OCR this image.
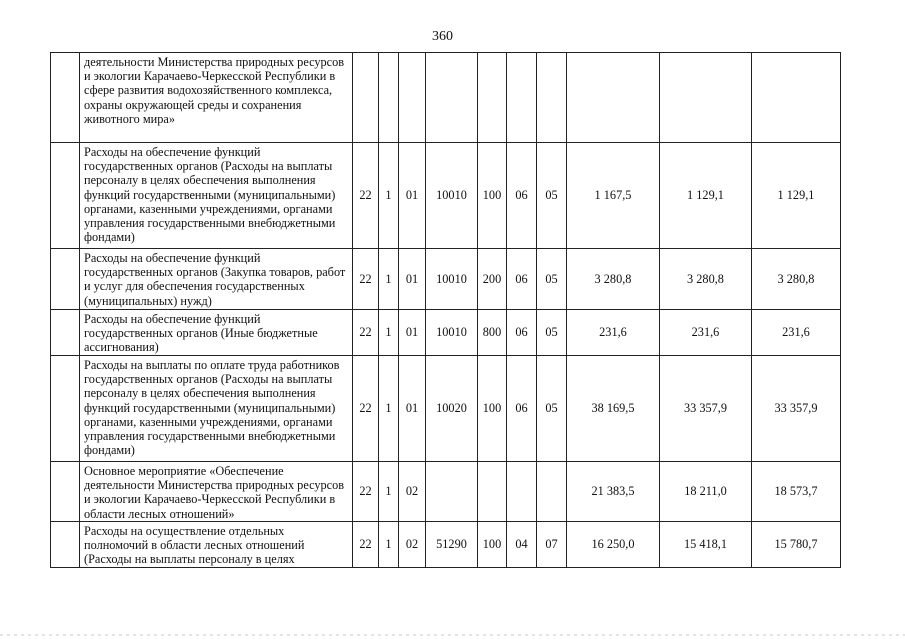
360
	деятельности Министерства природных ресурсов и экологии Карачаево-Черкесской Республики в сфере развития водохозяйственного комплекса, охраны окружающей среды и сохранения животного мира»										
	Расходы на обеспечение функций государственных органов (Расходы на выплаты персоналу в целях обеспечения выполнения функций государственными (муниципальными) органами, казенными учреждениями, органами управления государственными внебюджетными фондами)	22	1	01	10010	100	06	05	1 167,5	1 129,1	1 129,1
	Расходы на обеспечение функций государственных органов (Закупка товаров, работ и услуг для обеспечения государственных (муниципальных) нужд)	22	1	01	10010	200	06	05	3 280,8	3 280,8	3 280,8
	Расходы на обеспечение функций государственных органов (Иные бюджетные ассигнования)	22	1	01	10010	800	06	05	231,6	231,6	231,6
	Расходы на выплаты по оплате труда работников государственных органов (Расходы на выплаты персоналу в целях обеспечения выполнения функций государственными (муниципальными) органами, казенными учреждениями, органами управления государственными внебюджетными фондами)	22	1	01	10020	100	06	05	38 169,5	33 357,9	33 357,9
	Основное мероприятие «Обеспечение деятельности Министерства природных ресурсов и экологии Карачаево-Черкесской Республики в области лесных отношений»	22	1	02					21 383,5	18 211,0	18 573,7
	Расходы на осуществление отдельных полномочий в области лесных отношений (Расходы на выплаты персоналу в целях	22	1	02	51290	100	04	07	16 250,0	15 418,1	15 780,7
